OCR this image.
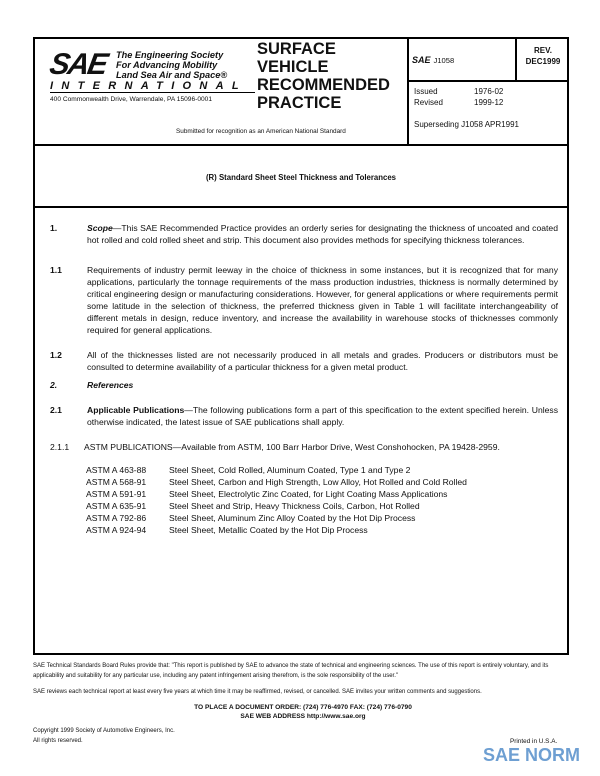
SAE The Engineering Society
For Advancing Mobility
Land Sea Air and Space®
INTERNATIONAL
400 Commonwealth Drive, Warrendale, PA 15096-0001
SURFACE
VEHICLE
RECOMMENDED
PRACTICE
Submitted for recognition as an American National Standard
SAE J1058
REV.
DEC1999
Issued	1976-02
Revised	1999-12
Superseding J1058 APR1991
(R) Standard Sheet Steel Thickness and Tolerances
1.	Scope—This SAE Recommended Practice provides an orderly series for designating the thickness of uncoated and coated hot rolled and cold rolled sheet and strip. This document also provides methods for specifying thickness tolerances.
1.1	Requirements of industry permit leeway in the choice of thickness in some instances, but it is recognized that for many applications, particularly the tonnage requirements of the mass production industries, thickness is normally determined by critical engineering design or manufacturing considerations. However, for general applications or where requirements permit some latitude in the selection of thickness, the preferred thickness given in Table 1 will facilitate interchangeability of different metals in design, reduce inventory, and increase the availability in warehouse stocks of thicknesses commonly required for general applications.
1.2	All of the thicknesses listed are not necessarily produced in all metals and grades. Producers or distributors must be consulted to determine availability of a particular thickness for a given metal product.
2.	References
2.1	Applicable Publications—The following publications form a part of this specification to the extent specified herein. Unless otherwise indicated, the latest issue of SAE publications shall apply.
2.1.1 ASTM PUBLICATIONS—Available from ASTM, 100 Barr Harbor Drive, West Conshohocken, PA 19428-2959.
ASTM A 463-88	Steel Sheet, Cold Rolled, Aluminum Coated, Type 1 and Type 2
ASTM A 568-91	Steel Sheet, Carbon and High Strength, Low Alloy, Hot Rolled and Cold Rolled
ASTM A 591-91	Steel Sheet, Electrolytic Zinc Coated, for Light Coating Mass Applications
ASTM A 635-91	Steel Sheet and Strip, Heavy Thickness Coils, Carbon, Hot Rolled
ASTM A 792-86	Steel Sheet, Aluminum Zinc Alloy Coated by the Hot Dip Process
ASTM A 924-94	Steel Sheet, Metallic Coated by the Hot Dip Process
SAE Technical Standards Board Rules provide that: "This report is published by SAE to advance the state of technical and engineering sciences. The use of this report is entirely voluntary, and its applicability and suitability for any particular use, including any patent infringement arising therefrom, is the sole responsibility of the user."
SAE reviews each technical report at least every five years at which time it may be reaffirmed, revised, or cancelled. SAE invites your written comments and suggestions.
TO PLACE A DOCUMENT ORDER: (724) 776-4970 FAX: (724) 776-0790
SAE WEB ADDRESS http://www.sae.org
Copyright 1999 Society of Automotive Engineers, Inc.
All rights reserved.	Printed in U.S.A.
SAE NORM
